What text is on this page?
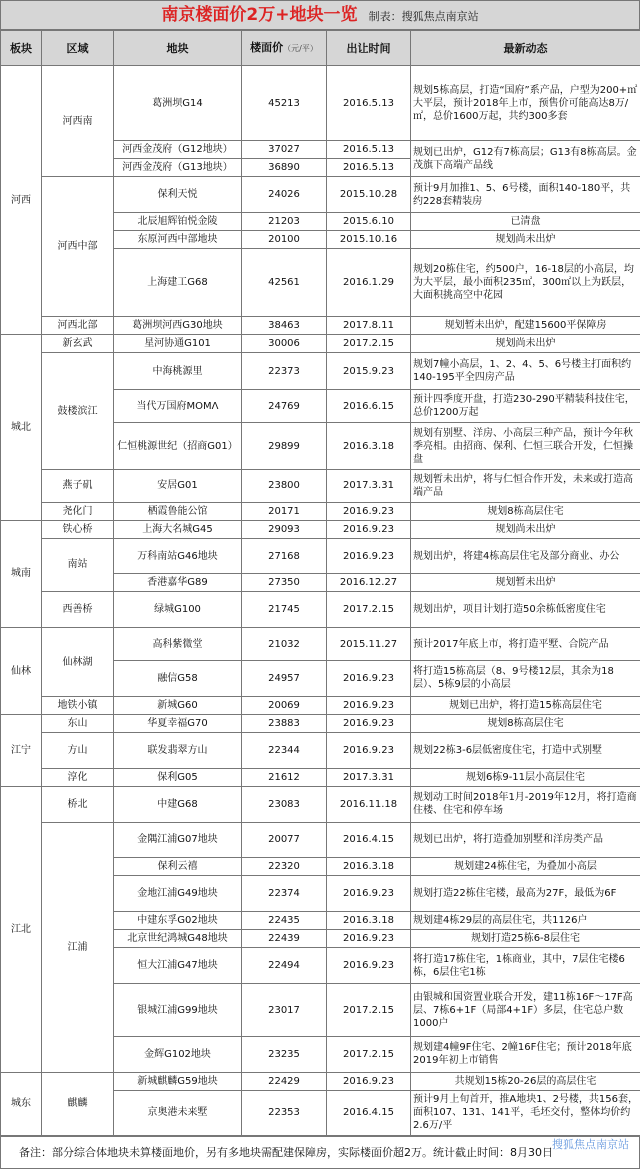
南京楼面价2万+地块一览 制表：搜狐焦点南京站
板块	区域	地块	楼面价（元/平）	出让时间	最新动态
河西	河西南	葛洲坝G14	45213	2016.5.13	规划5栋高层，打造“国府”系产品，户型为200+㎡大平层，预计2018年上市，预售价可能高达8万/㎡，总价1600万起，共约300多套
		河西金茂府（G12地块）	37027	2016.5.13	规划已出炉，G12有7栋高层；G13有8栋高层。金茂旗下高端产品线
		河西金茂府（G13地块）	36890	2016.5.13	
	河西中部	保利天悦	24026	2015.10.28	预计9月加推1、5、6号楼，面积140-180平，共约228套精装房
		北辰旭辉铂悦金陵	21203	2015.6.10	已清盘
		东原河西中部地块	20100	2015.10.16	规划尚未出炉
		上海建工G68	42561	2016.1.29	规划20栋住宅，约500户，16-18层的小高层，均为大平层，最小面积235㎡，300㎡以上为跃层，大面积挑高空中花园
	河西北部	葛洲坝河西G30地块	38463	2017.8.11	规划暂未出炉，配建15600平保障房
城北	新玄武	星河协通G101	30006	2017.2.15	规划尚未出炉
	鼓楼滨江	中海桃源里	22373	2015.9.23	规划7幢小高层，1、2、4、5、6号楼主打面积约140-195平全四房产品
		当代万国府MOMΛ	24769	2016.6.15	预计四季度开盘，打造230-290平精装科技住宅，总价1200万起
		仁恒桃源世纪（招商G01）	29899	2016.3.18	规划有别墅、洋房、小高层三种产品，预计今年秋季亮相。由招商、保利、仁恒三联合开发，仁恒操盘
	燕子矶	安居G01	23800	2017.3.31	规划暂未出炉，将与仁恒合作开发，未来或打造高端产品
	尧化门	栖霞鲁能公馆	20171	2016.9.23	规划8栋高层住宅
城南	铁心桥	上海大名城G45	29093	2016.9.23	规划尚未出炉
	南站	万科南站G46地块	27168	2016.9.23	规划出炉，将建4栋高层住宅及部分商业、办公
		香港嘉华G89	27350	2016.12.27	规划暂未出炉
	西善桥	绿城G100	21745	2017.2.15	规划出炉，项目计划打造50余栋低密度住宅
仙林	仙林湖	高科紫微堂	21032	2015.11.27	预计2017年底上市，将打造平墅、合院产品
		融信G58	24957	2016.9.23	将打造15栋高层（8、9号楼12层，其余为18层）、5栋9层的小高层
	地铁小镇	新城G60	20069	2016.9.23	规划已出炉，将打造15栋高层住宅
江宁	东山	华夏幸福G70	23883	2016.9.23	规划8栋高层住宅
	方山	联发翡翠方山	22344	2016.9.23	规划22栋3-6层低密度住宅，打造中式别墅
	淳化	保利G05	21612	2017.3.31	规划6栋9-11层小高层住宅
江北	桥北	中建G68	23083	2016.11.18	规划动工时间2018年1月-2019年12月，将打造商住楼、住宅和停车场
	江浦	金隅江浦G07地块	20077	2016.4.15	规划已出炉，将打造叠加别墅和洋房类产品
		保利云禧	22320	2016.3.18	规划建24栋住宅，为叠加小高层
		金地江浦G49地块	22374	2016.9.23	规划打造22栋住宅楼，最高为27F，最低为6F
		中建东孚G02地块	22435	2016.3.18	规划建4栋29层的高层住宅，共1126户
		北京世纪鸿城G48地块	22439	2016.9.23	规划打造25栋6-8层住宅
		恒大江浦G47地块	22494	2016.9.23	将打造17栋住宅，1栋商业，其中，7层住宅楼6栋，6层住宅1栋
		银城江浦G99地块	23017	2017.2.15	由银城和国资置业联合开发，建11栋16F～17F高层、7栋6+1F（局部4+1F）多层，住宅总户数1000户
		金辉G102地块	23235	2017.2.15	规划建4幢9F住宅、2幢16F住宅；预计2018年底2019年初上市销售
城东	麒麟	新城麒麟G59地块	22429	2016.9.23	共规划15栋20-26层的高层住宅
		京奥港未来墅	22353	2016.4.15	预计9月上旬首开，推A地块1、2号楼，共156套，面积107、131、141平，毛坯交付，整体均价约2.6万/平
备注：部分综合体地块未算楼面地价，另有多地块需配建保障房，实际楼面价超2万。统计截止时间：8月30日
搜狐焦点南京站
